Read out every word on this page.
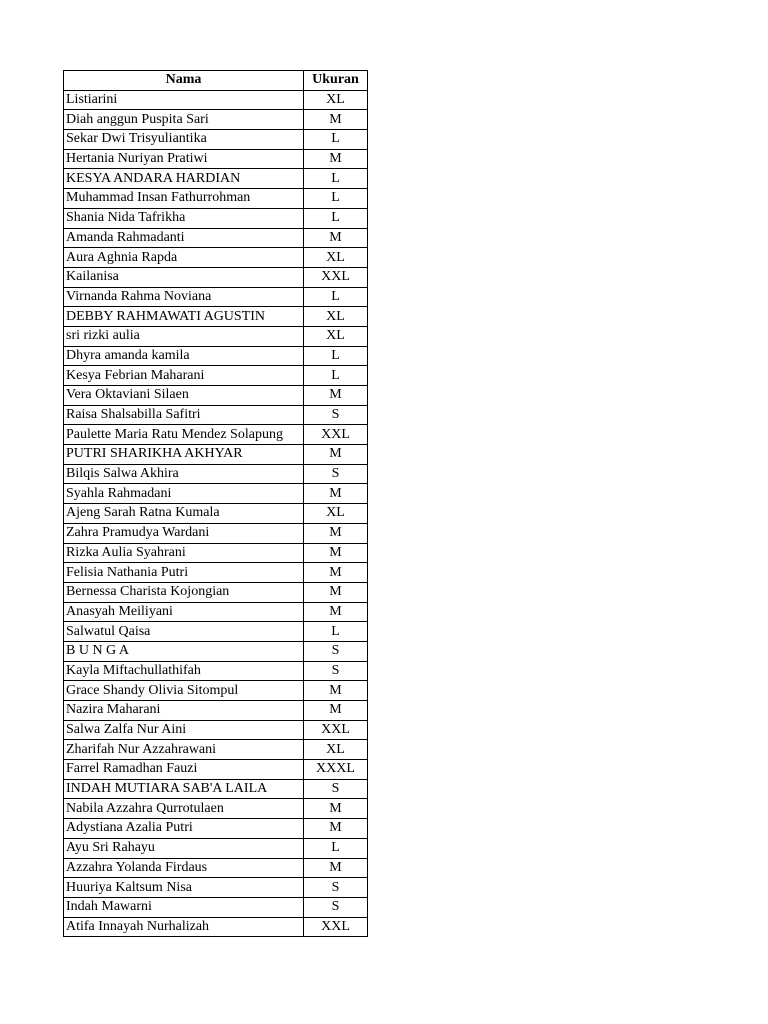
Nama	Ukuran
Listiarini	XL
Diah anggun Puspita Sari	M
Sekar Dwi Trisyuliantika	L
Hertania Nuriyan Pratiwi	M
KESYA ANDARA HARDIAN	L
Muhammad Insan Fathurrohman	L
Shania Nida Tafrikha	L
Amanda Rahmadanti	M
Aura Aghnia Rapda	XL
Kailanisa	XXL
Virnanda Rahma Noviana	L
DEBBY RAHMAWATI AGUSTIN	XL
sri rizki aulia	XL
Dhyra amanda kamila	L
Kesya Febrian Maharani	L
Vera Oktaviani Silaen	M
Raisa Shalsabilla Safitri	S
Paulette Maria Ratu Mendez Solapung	XXL
PUTRI SHARIKHA AKHYAR	M
Bilqis Salwa Akhira	S
Syahla Rahmadani	M
Ajeng Sarah Ratna Kumala	XL
Zahra Pramudya Wardani	M
Rizka Aulia Syahrani	M
Felisia Nathania Putri	M
Bernessa Charista Kojongian	M
Anasyah Meiliyani	M
Salwatul Qaisa	L
B U N G A	S
Kayla Miftachullathifah	S
Grace Shandy Olivia Sitompul	M
Nazira Maharani	M
Salwa Zalfa Nur Aini	XXL
Zharifah Nur Azzahrawani	XL
Farrel Ramadhan Fauzi	XXXL
INDAH MUTIARA SAB'A LAILA	S
Nabila Azzahra Qurrotulaen	M
Adystiana Azalia Putri	M
Ayu Sri Rahayu	L
Azzahra Yolanda Firdaus	M
Huuriya Kaltsum Nisa	S
Indah Mawarni	S
Atifa Innayah Nurhalizah	XXL
